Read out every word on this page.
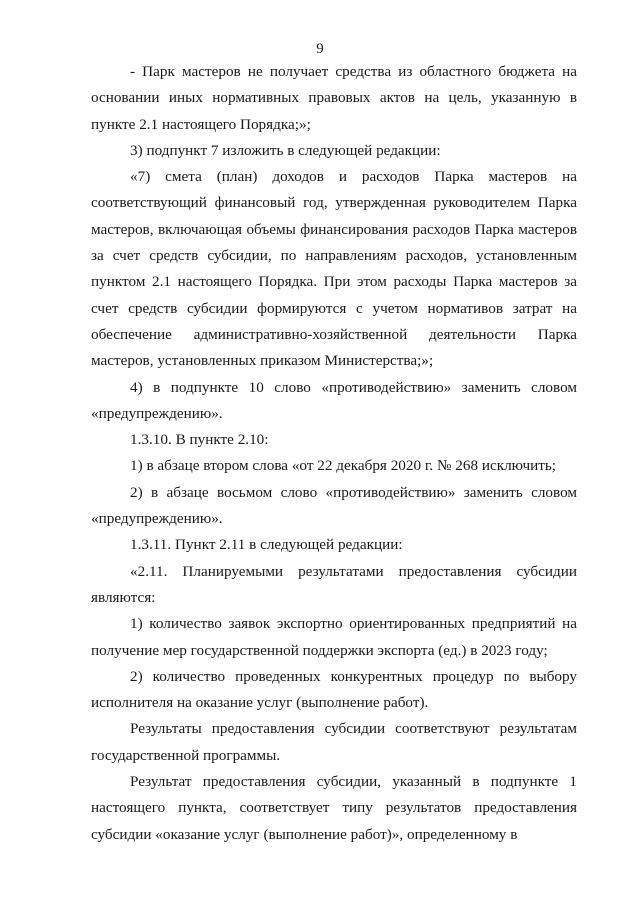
9

- Парк мастеров не получает средства из областного бюджета на основании иных нормативных правовых актов на цель, указанную в пункте 2.1 настоящего Порядка;»;

3) подпункт 7 изложить в следующей редакции:

«7) смета (план) доходов и расходов Парка мастеров на соответствующий финансовый год, утвержденная руководителем Парка мастеров, включающая объемы финансирования расходов Парка мастеров за счет средств субсидии, по направлениям расходов, установленным пунктом 2.1 настоящего Порядка. При этом расходы Парка мастеров за счет средств субсидии формируются с учетом нормативов затрат на обеспечение административно-хозяйственной деятельности Парка мастеров, установленных приказом Министерства;»;

4) в подпункте 10 слово «противодействию» заменить словом «предупреждению».

1.3.10. В пункте 2.10:

1) в абзаце втором слова «от 22 декабря 2020 г. № 268 исключить;

2) в абзаце восьмом слово «противодействию» заменить словом «предупреждению».

1.3.11. Пункт 2.11 в следующей редакции:

«2.11. Планируемыми результатами предоставления субсидии являются:

1) количество заявок экспортно ориентированных предприятий на получение мер государственной поддержки экспорта (ед.) в 2023 году;

2) количество проведенных конкурентных процедур по выбору исполнителя на оказание услуг (выполнение работ).

Результаты предоставления субсидии соответствуют результатам государственной программы.

Результат предоставления субсидии, указанный в подпункте 1 настоящего пункта, соответствует типу результатов предоставления субсидии «оказание услуг (выполнение работ)», определенному в
